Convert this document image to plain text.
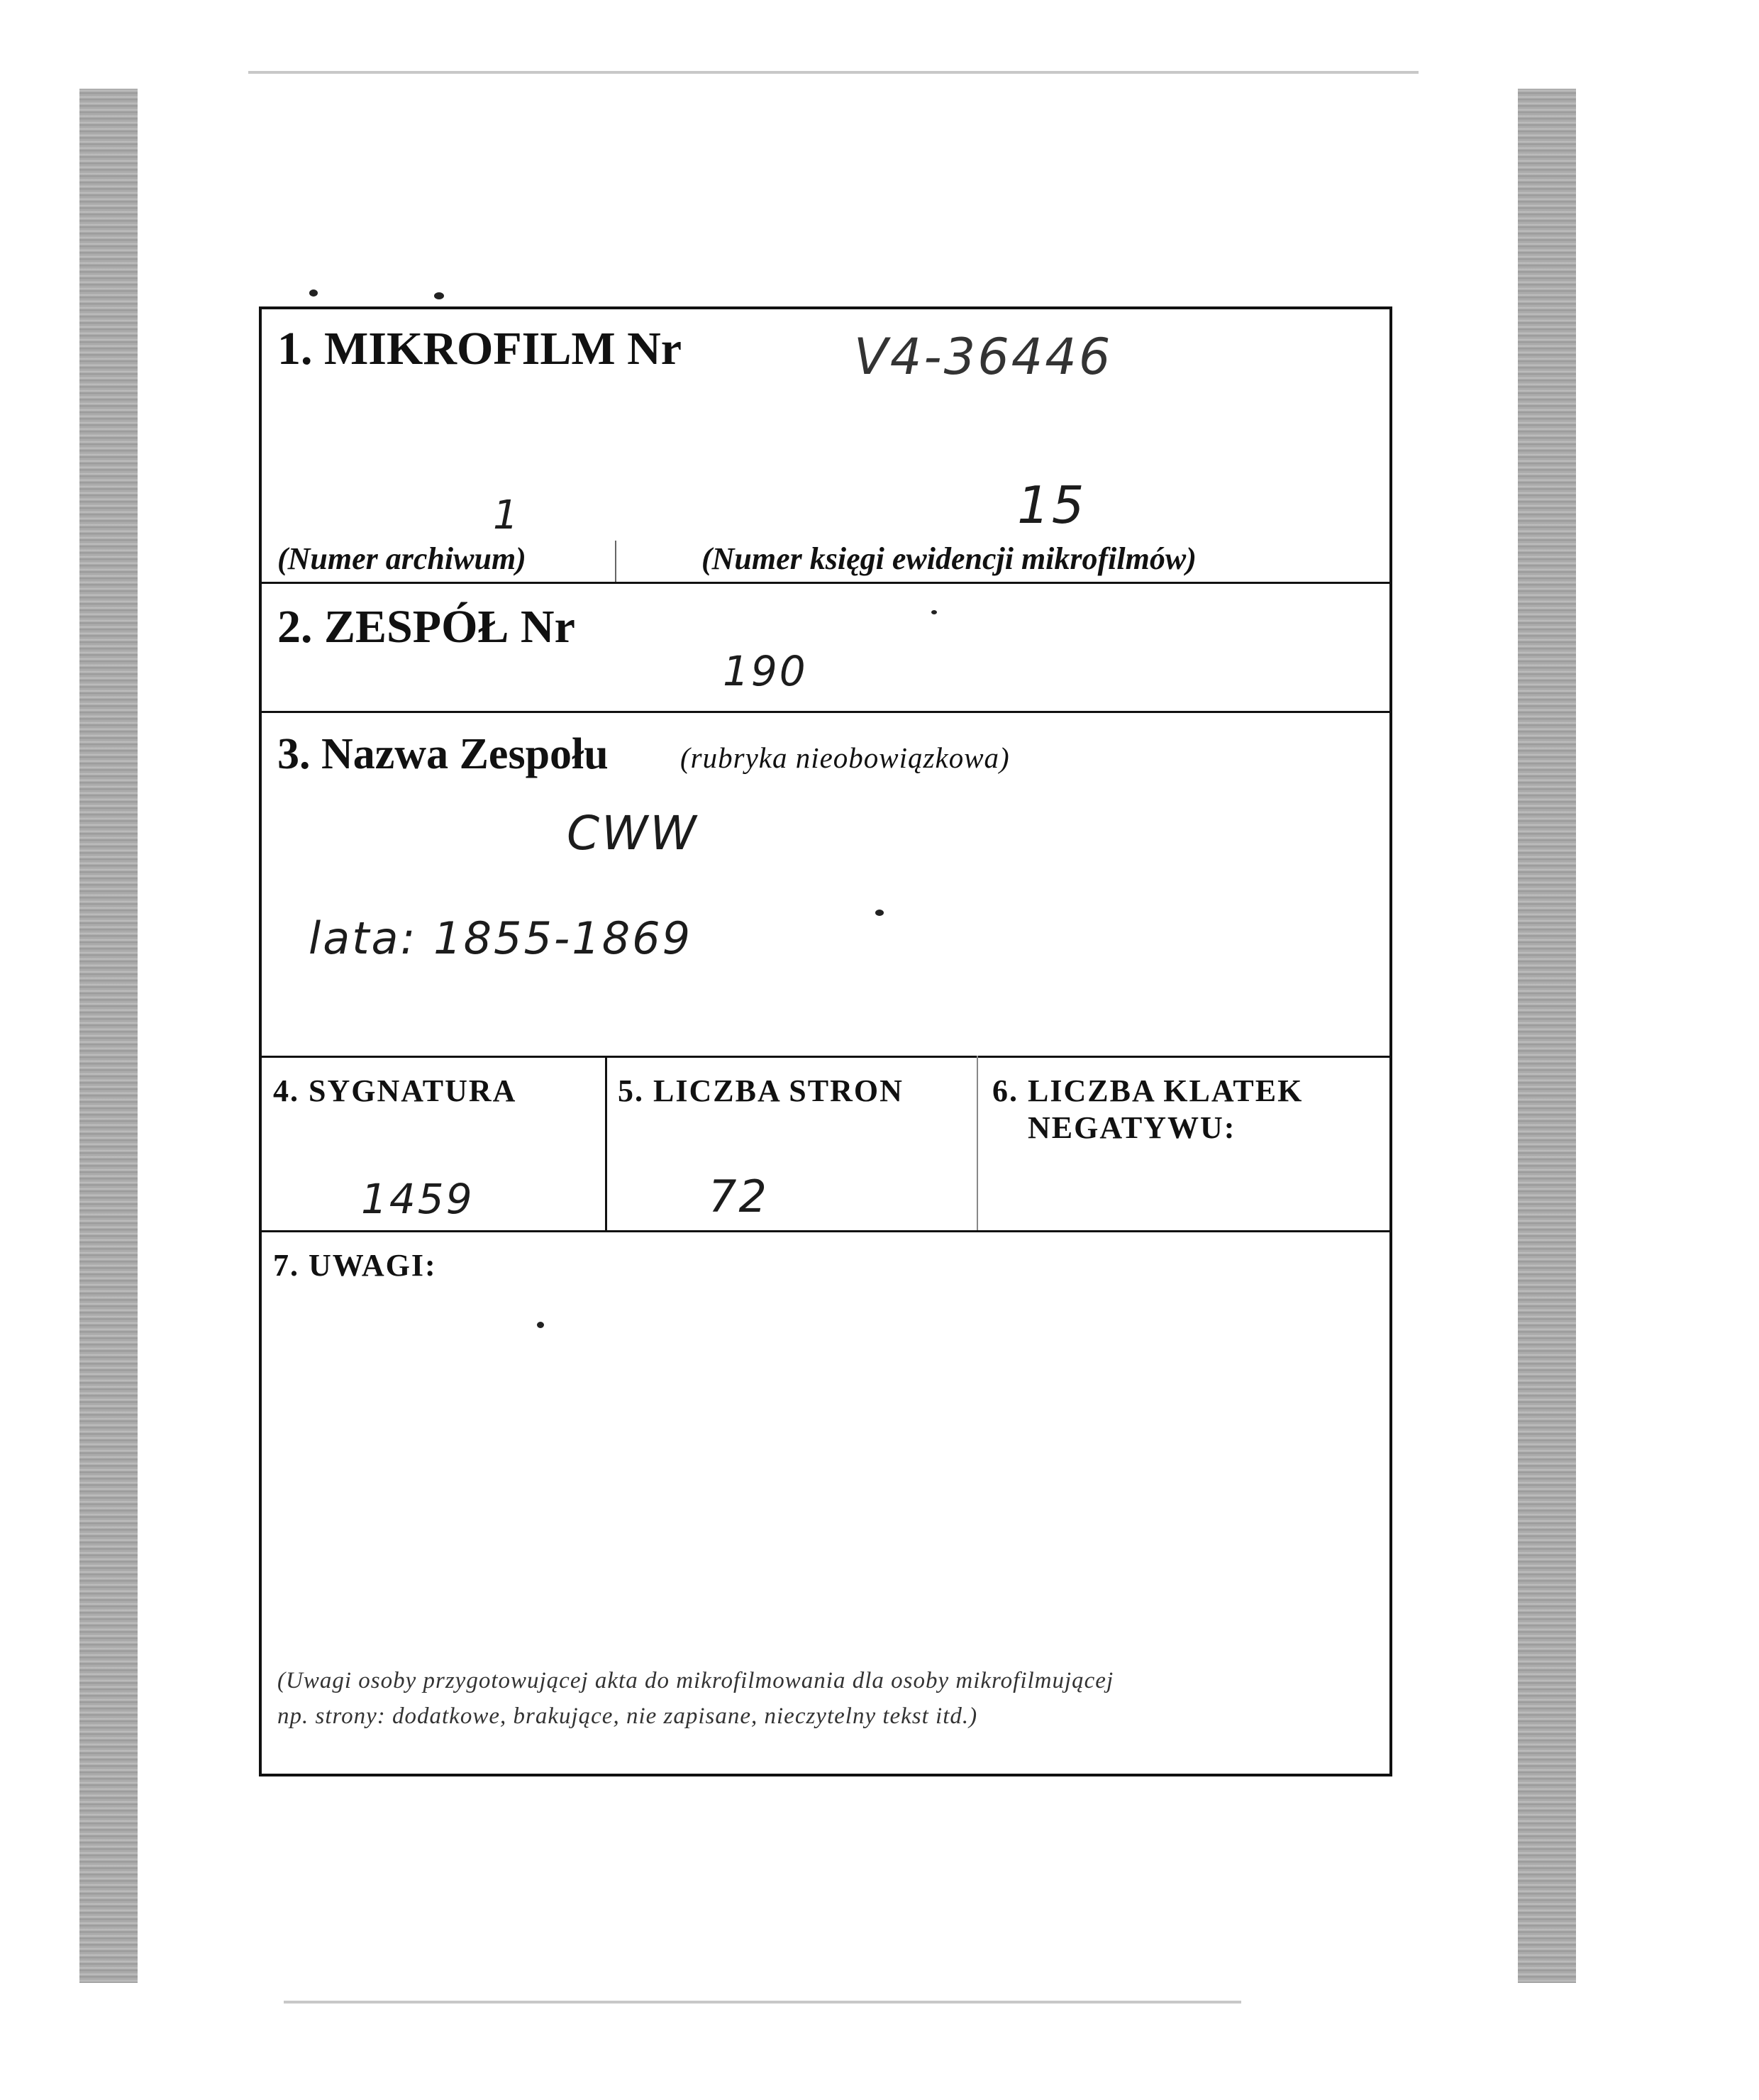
1. MIKROFILM Nr	V4-36446
1	15
(Numer archiwum)	(Numer księgi ewidencji mikrofilmów)
2. ZESPÓŁ Nr
190
3. Nazwa Zespołu (rubryka nieobowiązkowa)
CWW
lata: 1855-1869
4. SYGNATURA
1459
5. LICZBA STRON
72
6. LICZBA KLATEK
NEGATYWU:
7. UWAGI:
(Uwagi osoby przygotowującej akta do mikrofilmowania dla osoby mikrofilmującej
np. strony: dodatkowe, brakujące, nie zapisane, nieczytelny tekst itd.)
